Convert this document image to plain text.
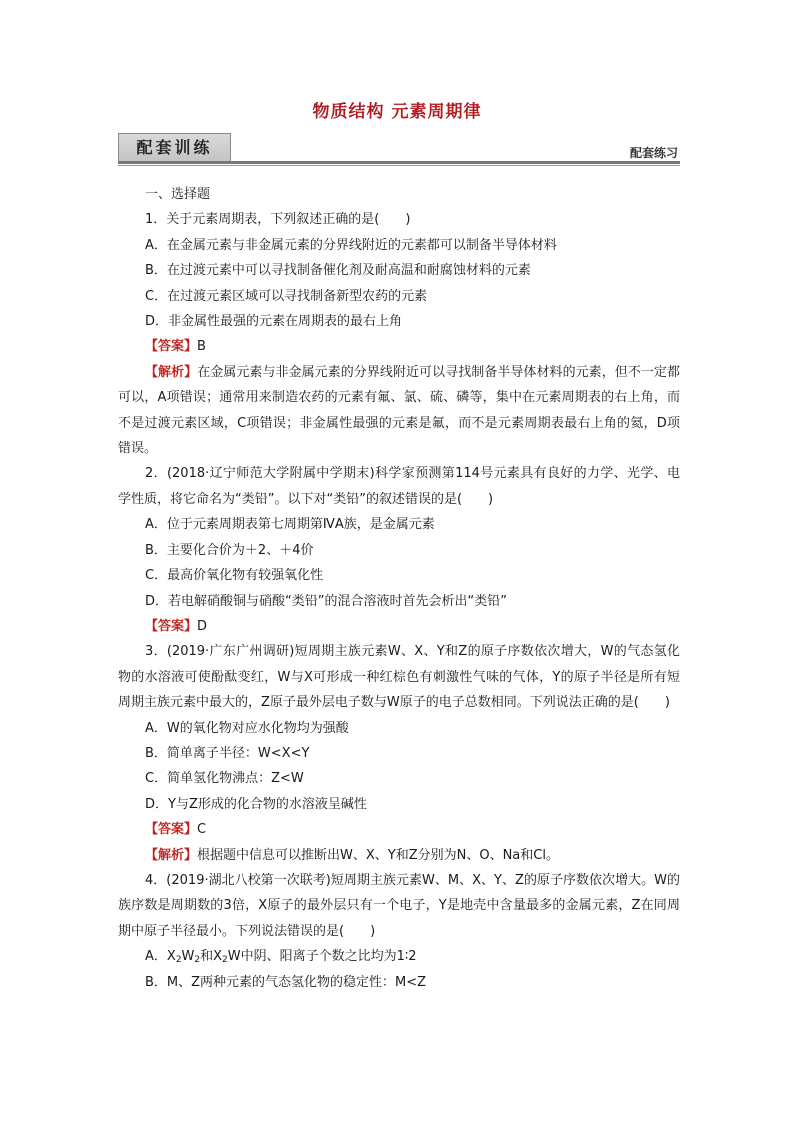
物质结构 元素周期律
配套训练	配套练习
一、选择题
1．关于元素周期表，下列叙述正确的是(　　)
A．在金属元素与非金属元素的分界线附近的元素都可以制备半导体材料
B．在过渡元素中可以寻找制备催化剂及耐高温和耐腐蚀材料的元素
C．在过渡元素区域可以寻找制备新型农药的元素
D．非金属性最强的元素在周期表的最右上角
【答案】B
【解析】在金属元素与非金属元素的分界线附近可以寻找制备半导体材料的元素，但不一定都可以，A项错误；通常用来制造农药的元素有氟、氯、硫、磷等，集中在元素周期表的右上角，而不是过渡元素区域，C项错误；非金属性最强的元素是氟，而不是元素周期表最右上角的氦，D项错误。
2．(2018·辽宁师范大学附属中学期末)科学家预测第114号元素具有良好的力学、光学、电学性质，将它命名为“类铅”。以下对“类铅”的叙述错误的是(　　)
A．位于元素周期表第七周期第ⅣA族，是金属元素
B．主要化合价为＋2、＋4价
C．最高价氧化物有较强氧化性
D．若电解硝酸铜与硝酸“类铅”的混合溶液时首先会析出“类铅”
【答案】D
3．(2019·广东广州调研)短周期主族元素W、X、Y和Z的原子序数依次增大，W的气态氢化物的水溶液可使酚酞变红，W与X可形成一种红棕色有刺激性气味的气体，Y的原子半径是所有短周期主族元素中最大的，Z原子最外层电子数与W原子的电子总数相同。下列说法正确的是(　　)
A．W的氧化物对应水化物均为强酸
B．简单离子半径：W<X<Y
C．简单氢化物沸点：Z<W
D．Y与Z形成的化合物的水溶液呈碱性
【答案】C
【解析】根据题中信息可以推断出W、X、Y和Z分别为N、O、Na和Cl。
4．(2019·湖北八校第一次联考)短周期主族元素W、M、X、Y、Z的原子序数依次增大。W的族序数是周期数的3倍，X原子的最外层只有一个电子，Y是地壳中含量最多的金属元素，Z在同周期中原子半径最小。下列说法错误的是(　　)
A．$X_2W_2$和$X_2W$中阴、阳离子个数之比均为1∶2
B．M、Z两种元素的气态氢化物的稳定性：M<Z
